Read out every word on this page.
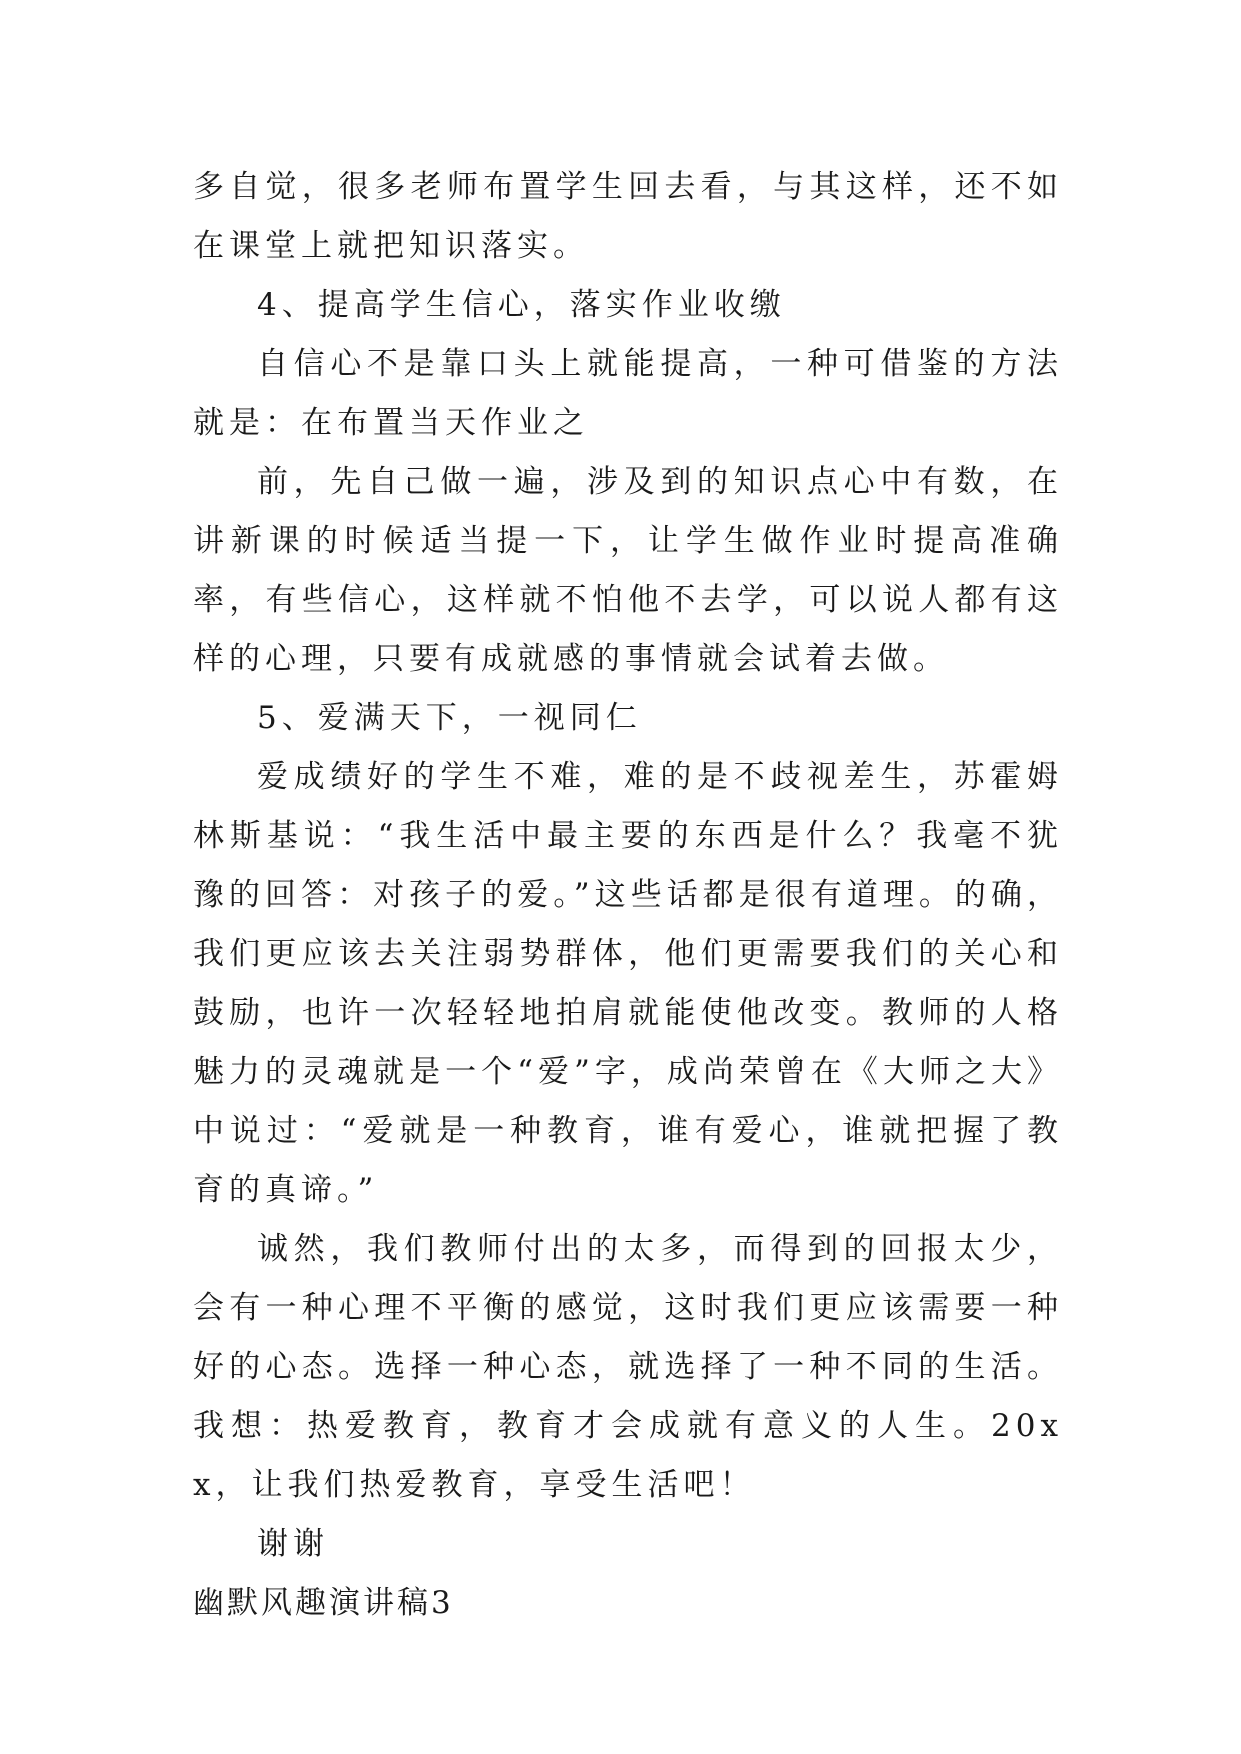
多自觉，很多老师布置学生回去看，与其这样，还不如在课堂上就把知识落实。

4、提高学生信心，落实作业收缴

自信心不是靠口头上就能提高，一种可借鉴的方法就是：在布置当天作业之

前，先自己做一遍，涉及到的知识点心中有数，在讲新课的时候适当提一下，让学生做作业时提高准确率，有些信心，这样就不怕他不去学，可以说人都有这样的心理，只要有成就感的事情就会试着去做。

5、爱满天下，一视同仁

爱成绩好的学生不难，难的是不歧视差生，苏霍姆林斯基说：“我生活中最主要的东西是什么？我毫不犹豫的回答：对孩子的爱。”这些话都是很有道理。的确，我们更应该去关注弱势群体，他们更需要我们的关心和鼓励，也许一次轻轻地拍肩就能使他改变。教师的人格魅力的灵魂就是一个“爱”字，成尚荣曾在《大师之大》中说过：“爱就是一种教育，谁有爱心，谁就把握了教育的真谛。”

诚然，我们教师付出的太多，而得到的回报太少，会有一种心理不平衡的感觉，这时我们更应该需要一种好的心态。选择一种心态，就选择了一种不同的生活。我想：热爱教育，教育才会成就有意义的人生。20xx，让我们热爱教育，享受生活吧！

谢谢

幽默风趣演讲稿3
